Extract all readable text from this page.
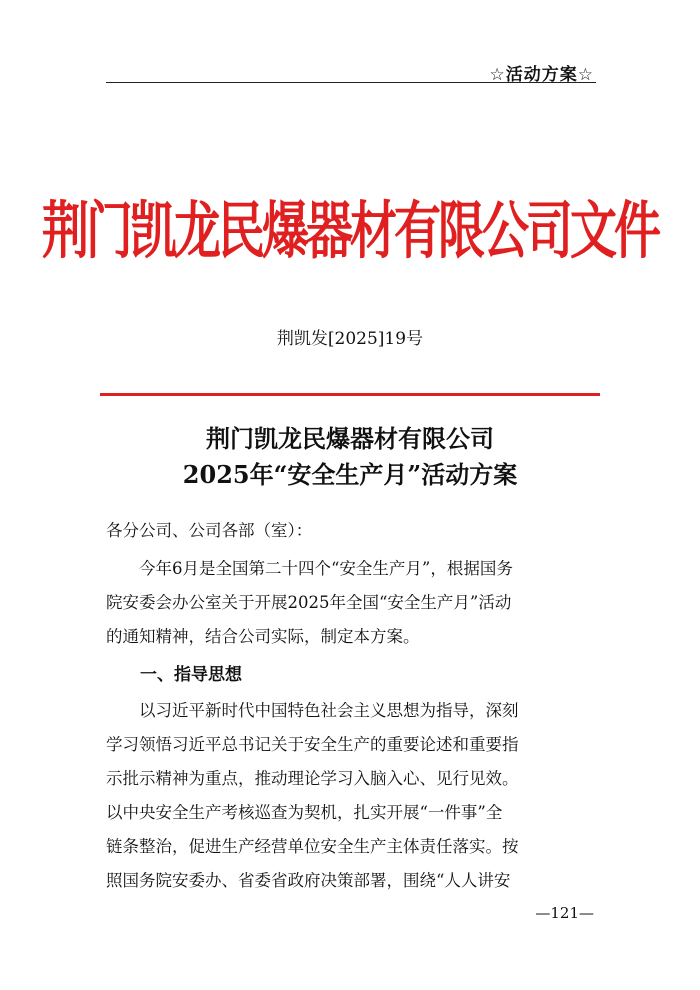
☆活动方案☆
荆门凯龙民爆器材有限公司文件
荆凯发[2025]19号
荆门凯龙民爆器材有限公司
2025年“安全生产月”活动方案
各分公司、公司各部（室）：
今年6月是全国第二十四个“安全生产月”，根据国务
院安委会办公室关于开展2025年全国“安全生产月”活动
的通知精神，结合公司实际，制定本方案。
一、指导思想
以习近平新时代中国特色社会主义思想为指导，深刻
学习领悟习近平总书记关于安全生产的重要论述和重要指
示批示精神为重点，推动理论学习入脑入心、见行见效。
以中央安全生产考核巡查为契机，扎实开展“一件事”全
链条整治，促进生产经营单位安全生产主体责任落实。按
照国务院安委办、省委省政府决策部署，围绕“人人讲安
—121—
